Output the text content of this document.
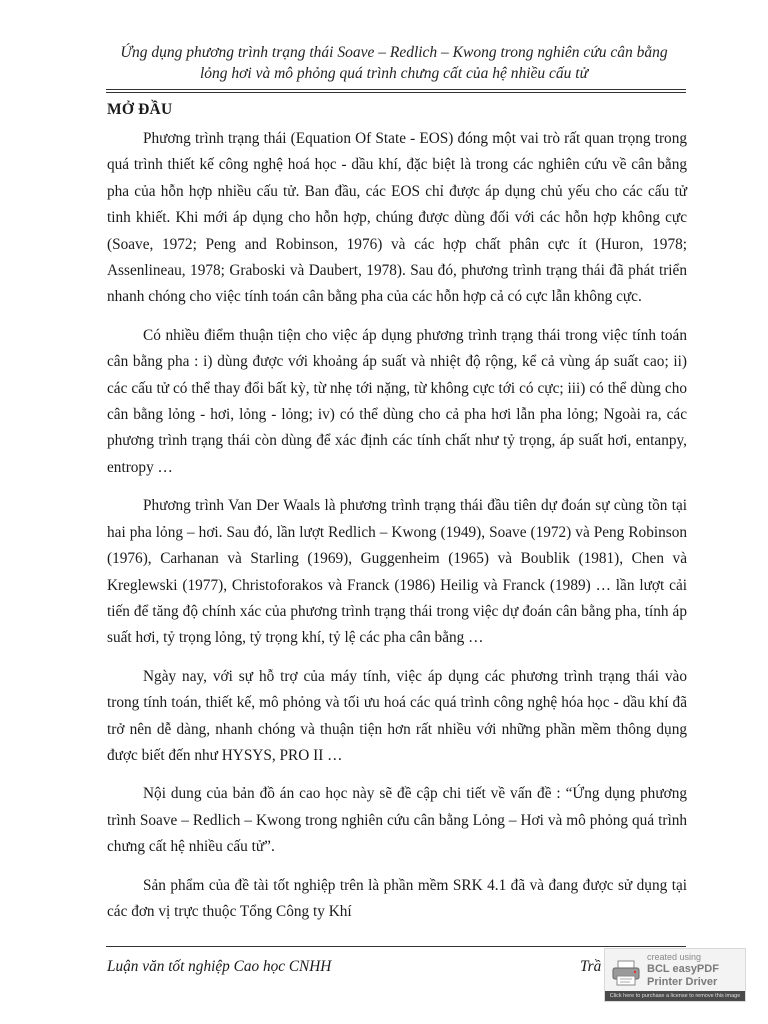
Ứng dụng phương trình trạng thái Soave – Redlich – Kwong trong nghiên cứu cân bằng
lỏng hơi và mô phỏng quá trình chưng cất của hệ nhiều cấu tử
MỞ ĐẦU

Phương trình trạng thái (Equation Of State - EOS) đóng một vai trò rất quan trọng trong quá trình thiết kế công nghệ hoá học - dầu khí, đặc biệt là trong các nghiên cứu về cân bằng pha của hỗn hợp nhiều cấu tử. Ban đầu, các EOS chỉ được áp dụng chủ yếu cho các cấu tử tinh khiết. Khi mới áp dụng cho hỗn hợp, chúng được dùng đối với các hỗn hợp không cực (Soave, 1972; Peng and Robinson, 1976) và các hợp chất phân cực ít (Huron, 1978; Assenlineau, 1978; Graboski và Daubert, 1978). Sau đó, phương trình trạng thái đã phát triển nhanh chóng cho việc tính toán cân bằng pha của các hỗn hợp cả có cực lẫn không cực.

Có nhiều điểm thuận tiện cho việc áp dụng phương trình trạng thái trong việc tính toán cân bằng pha : i) dùng được với khoảng áp suất và nhiệt độ rộng, kể cả vùng áp suất cao; ii) các cấu tử có thể thay đổi bất kỳ, từ nhẹ tới nặng, từ không cực tới có cực; iii) có thể dùng cho cân bằng lỏng - hơi, lỏng - lỏng; iv) có thể dùng cho cả pha hơi lẫn pha lỏng; Ngoài ra, các phương trình trạng thái còn dùng để xác định các tính chất như tỷ trọng, áp suất hơi, entanpy, entropy …

Phương trình Van Der Waals là phương trình trạng thái đầu tiên dự đoán sự cùng tồn tại hai pha lỏng – hơi. Sau đó, lần lượt Redlich – Kwong (1949), Soave (1972) và Peng Robinson (1976), Carhanan và Starling (1969), Guggenheim (1965) và Boublik (1981), Chen và Kreglewski (1977), Christoforakos và Franck (1986) Heilig và Franck (1989) … lần lượt cải tiến để tăng độ chính xác của phương trình trạng thái trong việc dự đoán cân bằng pha, tính áp suất hơi, tỷ trọng lỏng, tỷ trọng khí, tỷ lệ các pha cân bằng …

Ngày nay, với sự hỗ trợ của máy tính, việc áp dụng các phương trình trạng thái vào trong tính toán, thiết kế, mô phỏng và tối ưu hoá các quá trình công nghệ hóa học - dầu khí đã trở nên dễ dàng, nhanh chóng và thuận tiện hơn rất nhiều với những phần mềm thông dụng được biết đến như HYSYS, PRO II …

Nội dung của bản đồ án cao học này sẽ đề cập chi tiết về vấn đề : “Ứng dụng phương trình Soave – Redlich – Kwong trong nghiên cứu cân bằng Lỏng – Hơi và mô phỏng quá trình chưng cất hệ nhiều cấu tử”.

Sản phẩm của đề tài tốt nghiệp trên là phần mềm SRK 4.1 đã và đang được sử dụng tại các đơn vị trực thuộc Tổng Công ty Khí

Luận văn tốt nghiệp Cao học CNHH	Trầ
created using
BCL easyPDF
Printer Driver
Click here to purchase a license to remove this image
